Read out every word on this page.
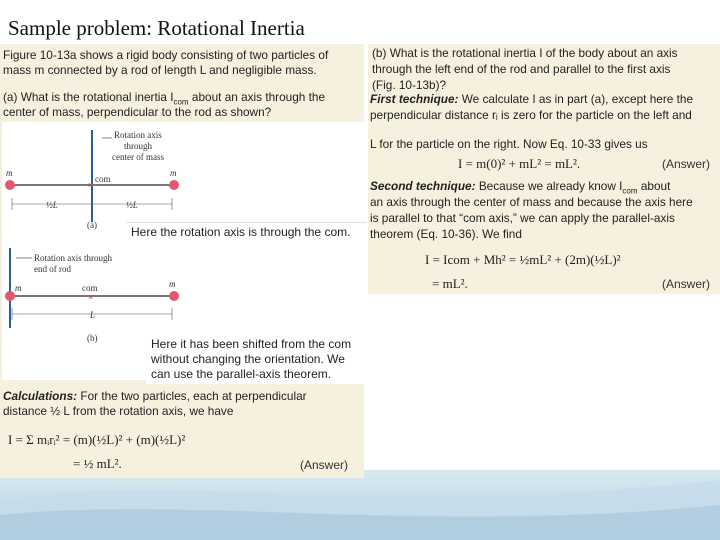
Sample problem: Rotational Inertia
Figure 10-13a shows a rigid body consisting of two particles of
mass m connected by a rod of length L and negligible mass.
(a) What is the rotational inertia $I_{com}$ about an axis through the
center of mass, perpendicular to the rod as shown?
Rotation axis
through
center of mass
m	m
com
×
½L	½L
(a)
Rotation axis through
end of rod
m	m
com
×
L
(b)
Here the rotation axis is through the com.
Here it has been shifted from the com
without changing the orientation. We
can use the parallel-axis theorem.
Calculations: For the two particles, each at perpendicular
distance ½ L from the rotation axis, we have
I = Σ mᵢrᵢ² = (m)(½L)² + (m)(½L)²
= ½ mL².	(Answer)
(b) What is the rotational inertia I of the body about an axis
through the left end of the rod and parallel to the first axis
(Fig. 10-13b)?
First technique: We calculate I as in part (a), except here the
perpendicular distance rᵢ is zero for the particle on the left and
L for the particle on the right. Now Eq. 10-33 gives us
I = m(0)² + mL² = mL².	(Answer)
Second technique: Because we already know $I_{com}$ about
an axis through the center of mass and because the axis here
is parallel to that “com axis,” we can apply the parallel-axis
theorem (Eq. 10-36). We find
I = Icom + Mh² = ½mL² + (2m)(½L)²
= mL².	(Answer)
